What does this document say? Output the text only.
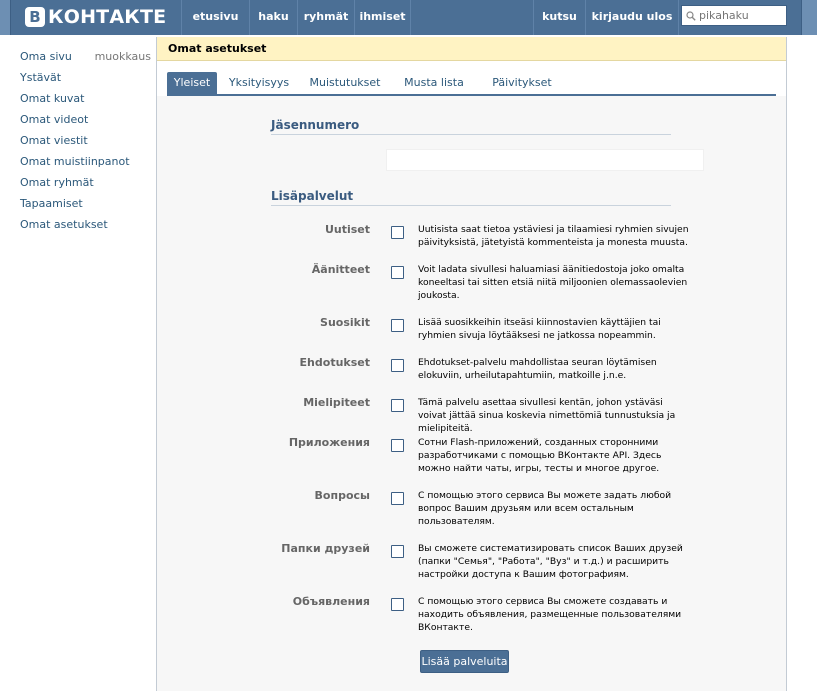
В КОНТАКТЕ	etusivu	haku	ryhmät	ihmiset	kutsu	kirjaudu ulos
pikahaku
Oma sivu muokkaus
Ystävät
Omat kuvat
Omat videot
Omat viestit
Omat muistiinpanot
Omat ryhmät
Tapaamiset
Omat asetukset
Omat asetukset
Yleiset	Yksityisyys	Muistutukset	Musta lista	Päivitykset
Jäsennumero
Lisäpalvelut
Uutiset	Uutisista saat tietoa ystäviesi ja tilaamiesi ryhmien sivujen päivityksistä, jätetyistä kommenteista ja monesta muusta.
Äänitteet	Voit ladata sivullesi haluamiasi äänitiedostoja joko omalta koneeltasi tai sitten etsiä niitä miljoonien olemassaolevien joukosta.
Suosikit	Lisää suosikkeihin itseäsi kiinnostavien käyttäjien tai ryhmien sivuja löytääksesi ne jatkossa nopeammin.
Ehdotukset	Ehdotukset-palvelu mahdollistaa seuran löytämisen elokuviin, urheilutapahtumiin, matkoille j.n.e.
Mielipiteet	Tämä palvelu asettaa sivullesi kentän, johon ystäväsi voivat jättää sinua koskevia nimettömiä tunnustuksia ja mielipiteitä.
Приложения	Сотни Flash-приложений, созданных сторонними разработчиками с помощью ВКонтакте API. Здесь можно найти чаты, игры, тесты и многое другое.
Вопросы	С помощью этого сервиса Вы можете задать любой вопрос Вашим друзьям или всем остальным пользователям.
Папки друзей	Вы сможете систематизировать список Ваших друзей (папки "Семья", "Работа", "Вуз" и т.д.) и расширить настройки доступа к Вашим фотографиям.
Объявления	С помощью этого сервиса Вы сможете создавать и находить объявления, размещенные пользователями ВКонтакте.
Lisää palveluita
